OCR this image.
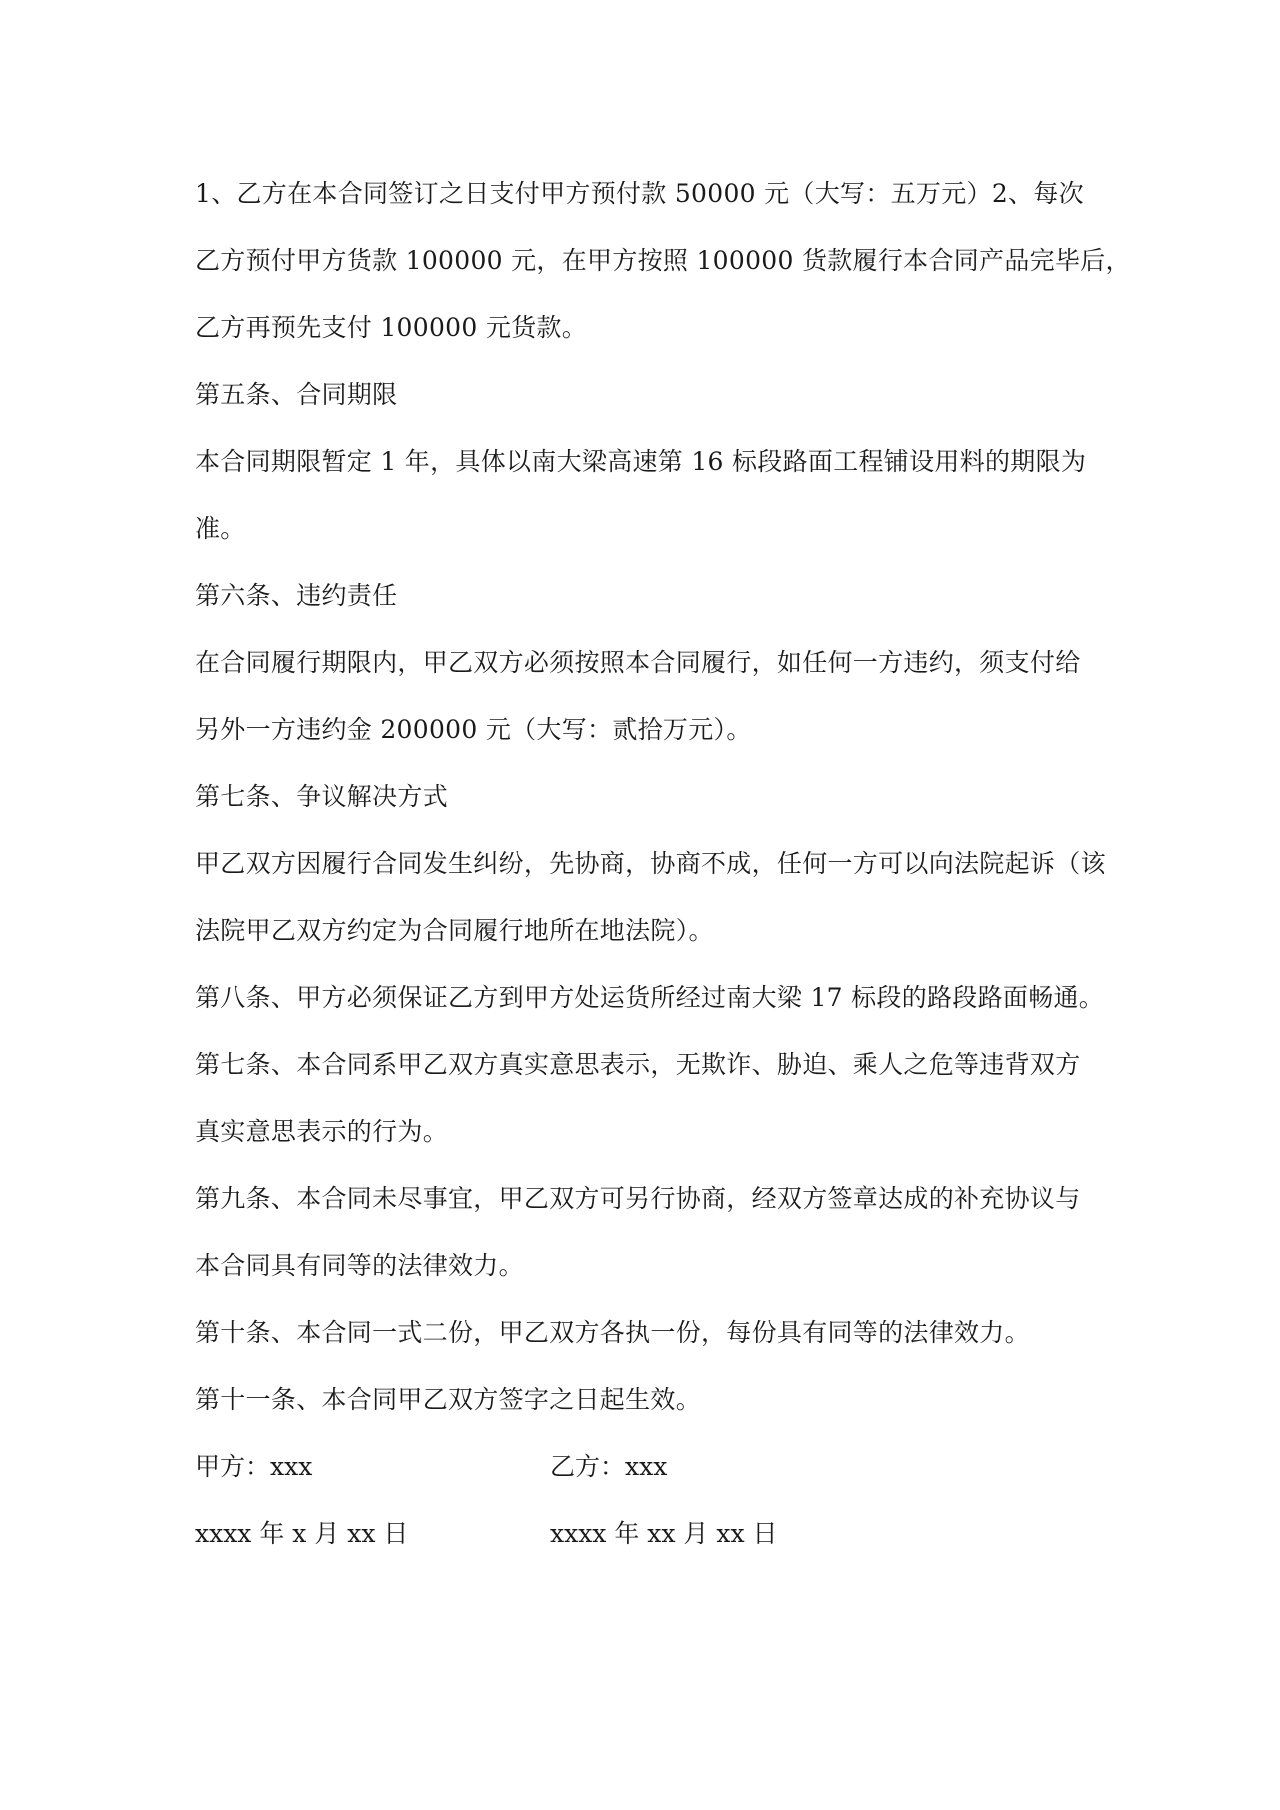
1、乙方在本合同签订之日支付甲方预付款 50000 元（大写：五万元）2、每次
乙方预付甲方货款 100000 元，在甲方按照 100000 货款履行本合同产品完毕后，
乙方再预先支付 100000 元货款。
第五条、合同期限
本合同期限暂定 1 年，具体以南大梁高速第 16 标段路面工程铺设用料的期限为
准。
第六条、违约责任
在合同履行期限内，甲乙双方必须按照本合同履行，如任何一方违约，须支付给
另外一方违约金 200000 元（大写：贰拾万元）。
第七条、争议解决方式
甲乙双方因履行合同发生纠纷，先协商，协商不成，任何一方可以向法院起诉（该
法院甲乙双方约定为合同履行地所在地法院）。
第八条、甲方必须保证乙方到甲方处运货所经过南大梁 17 标段的路段路面畅通。
第七条、本合同系甲乙双方真实意思表示，无欺诈、胁迫、乘人之危等违背双方
真实意思表示的行为。
第九条、本合同未尽事宜，甲乙双方可另行协商，经双方签章达成的补充协议与
本合同具有同等的法律效力。
第十条、本合同一式二份，甲乙双方各执一份，每份具有同等的法律效力。
第十一条、本合同甲乙双方签字之日起生效。
甲方：xxx	乙方：xxx
xxxx 年 x 月 xx 日	xxxx 年 xx 月 xx 日
